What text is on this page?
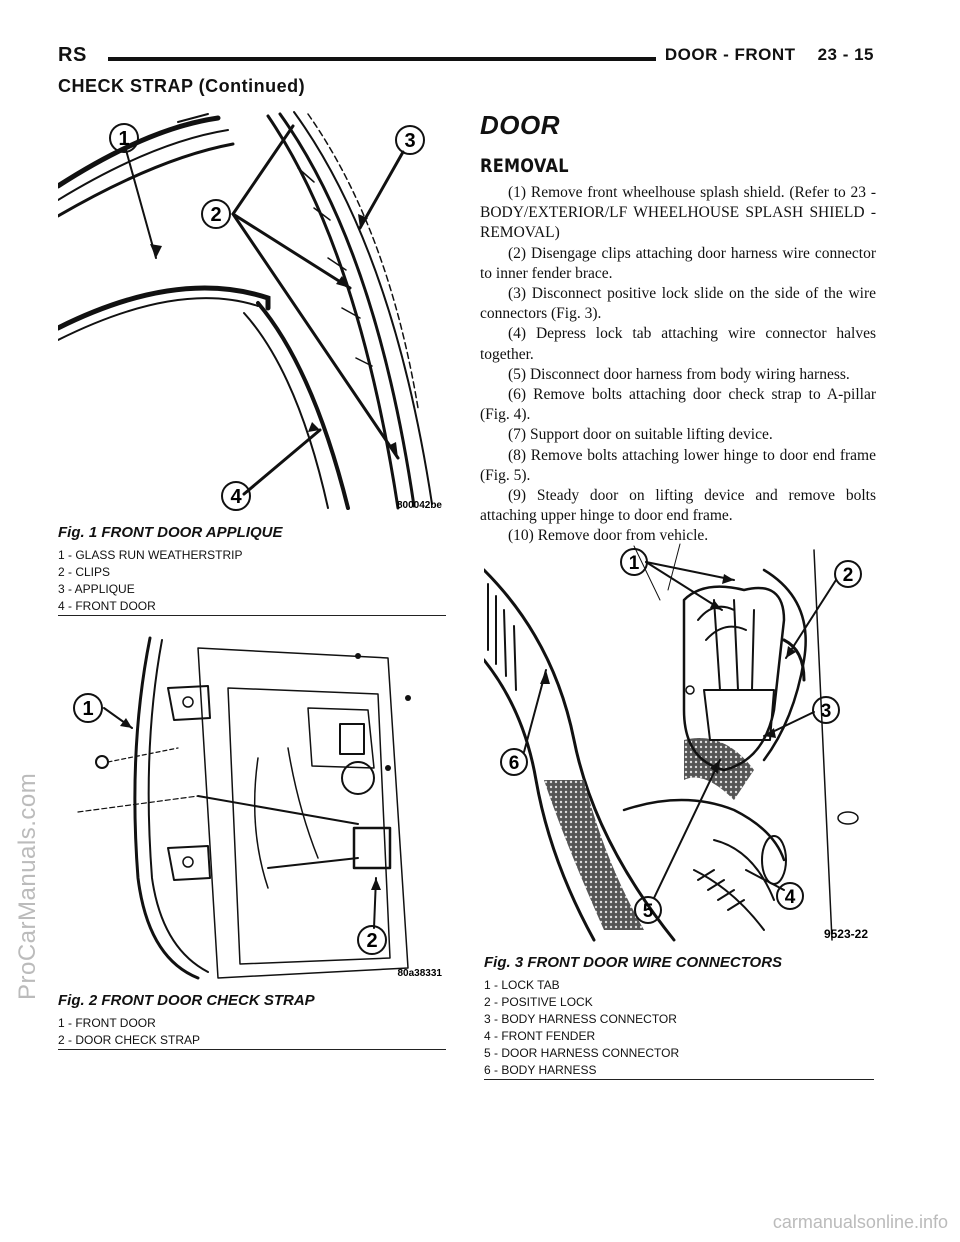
RS	DOOR - FRONT 23 - 15
CHECK STRAP (Continued)
1
2
3
4	800042be
Fig. 1 FRONT DOOR APPLIQUE
1 - GLASS RUN WEATHERSTRIP
2 - CLIPS
3 - APPLIQUE
4 - FRONT DOOR
1
2
80a38331
Fig. 2 FRONT DOOR CHECK STRAP
1 - FRONT DOOR
2 - DOOR CHECK STRAP
DOOR
REMOVAL

(1) Remove front wheelhouse splash shield. (Refer to 23 - BODY/EXTERIOR/LF WHEELHOUSE SPLASH SHIELD - REMOVAL)

(2) Disengage clips attaching door harness wire connector to inner fender brace.

(3) Disconnect positive lock slide on the side of the wire connectors (Fig. 3).

(4) Depress lock tab attaching wire connector halves together.

(5) Disconnect door harness from body wiring harness.

(6) Remove bolts attaching door check strap to A-pillar (Fig. 4).

(7) Support door on suitable lifting device.

(8) Remove bolts attaching lower hinge to door end frame (Fig. 5).

(9) Steady door on lifting device and remove bolts attaching upper hinge to door end frame.

(10) Remove door from vehicle.

1
2
3
4
5
6
9523-22
Fig. 3 FRONT DOOR WIRE CONNECTORS
1 - LOCK TAB
2 - POSITIVE LOCK
3 - BODY HARNESS CONNECTOR
4 - FRONT FENDER
5 - DOOR HARNESS CONNECTOR
6 - BODY HARNESS
ProCarManuals.com
carmanualsonline.info
